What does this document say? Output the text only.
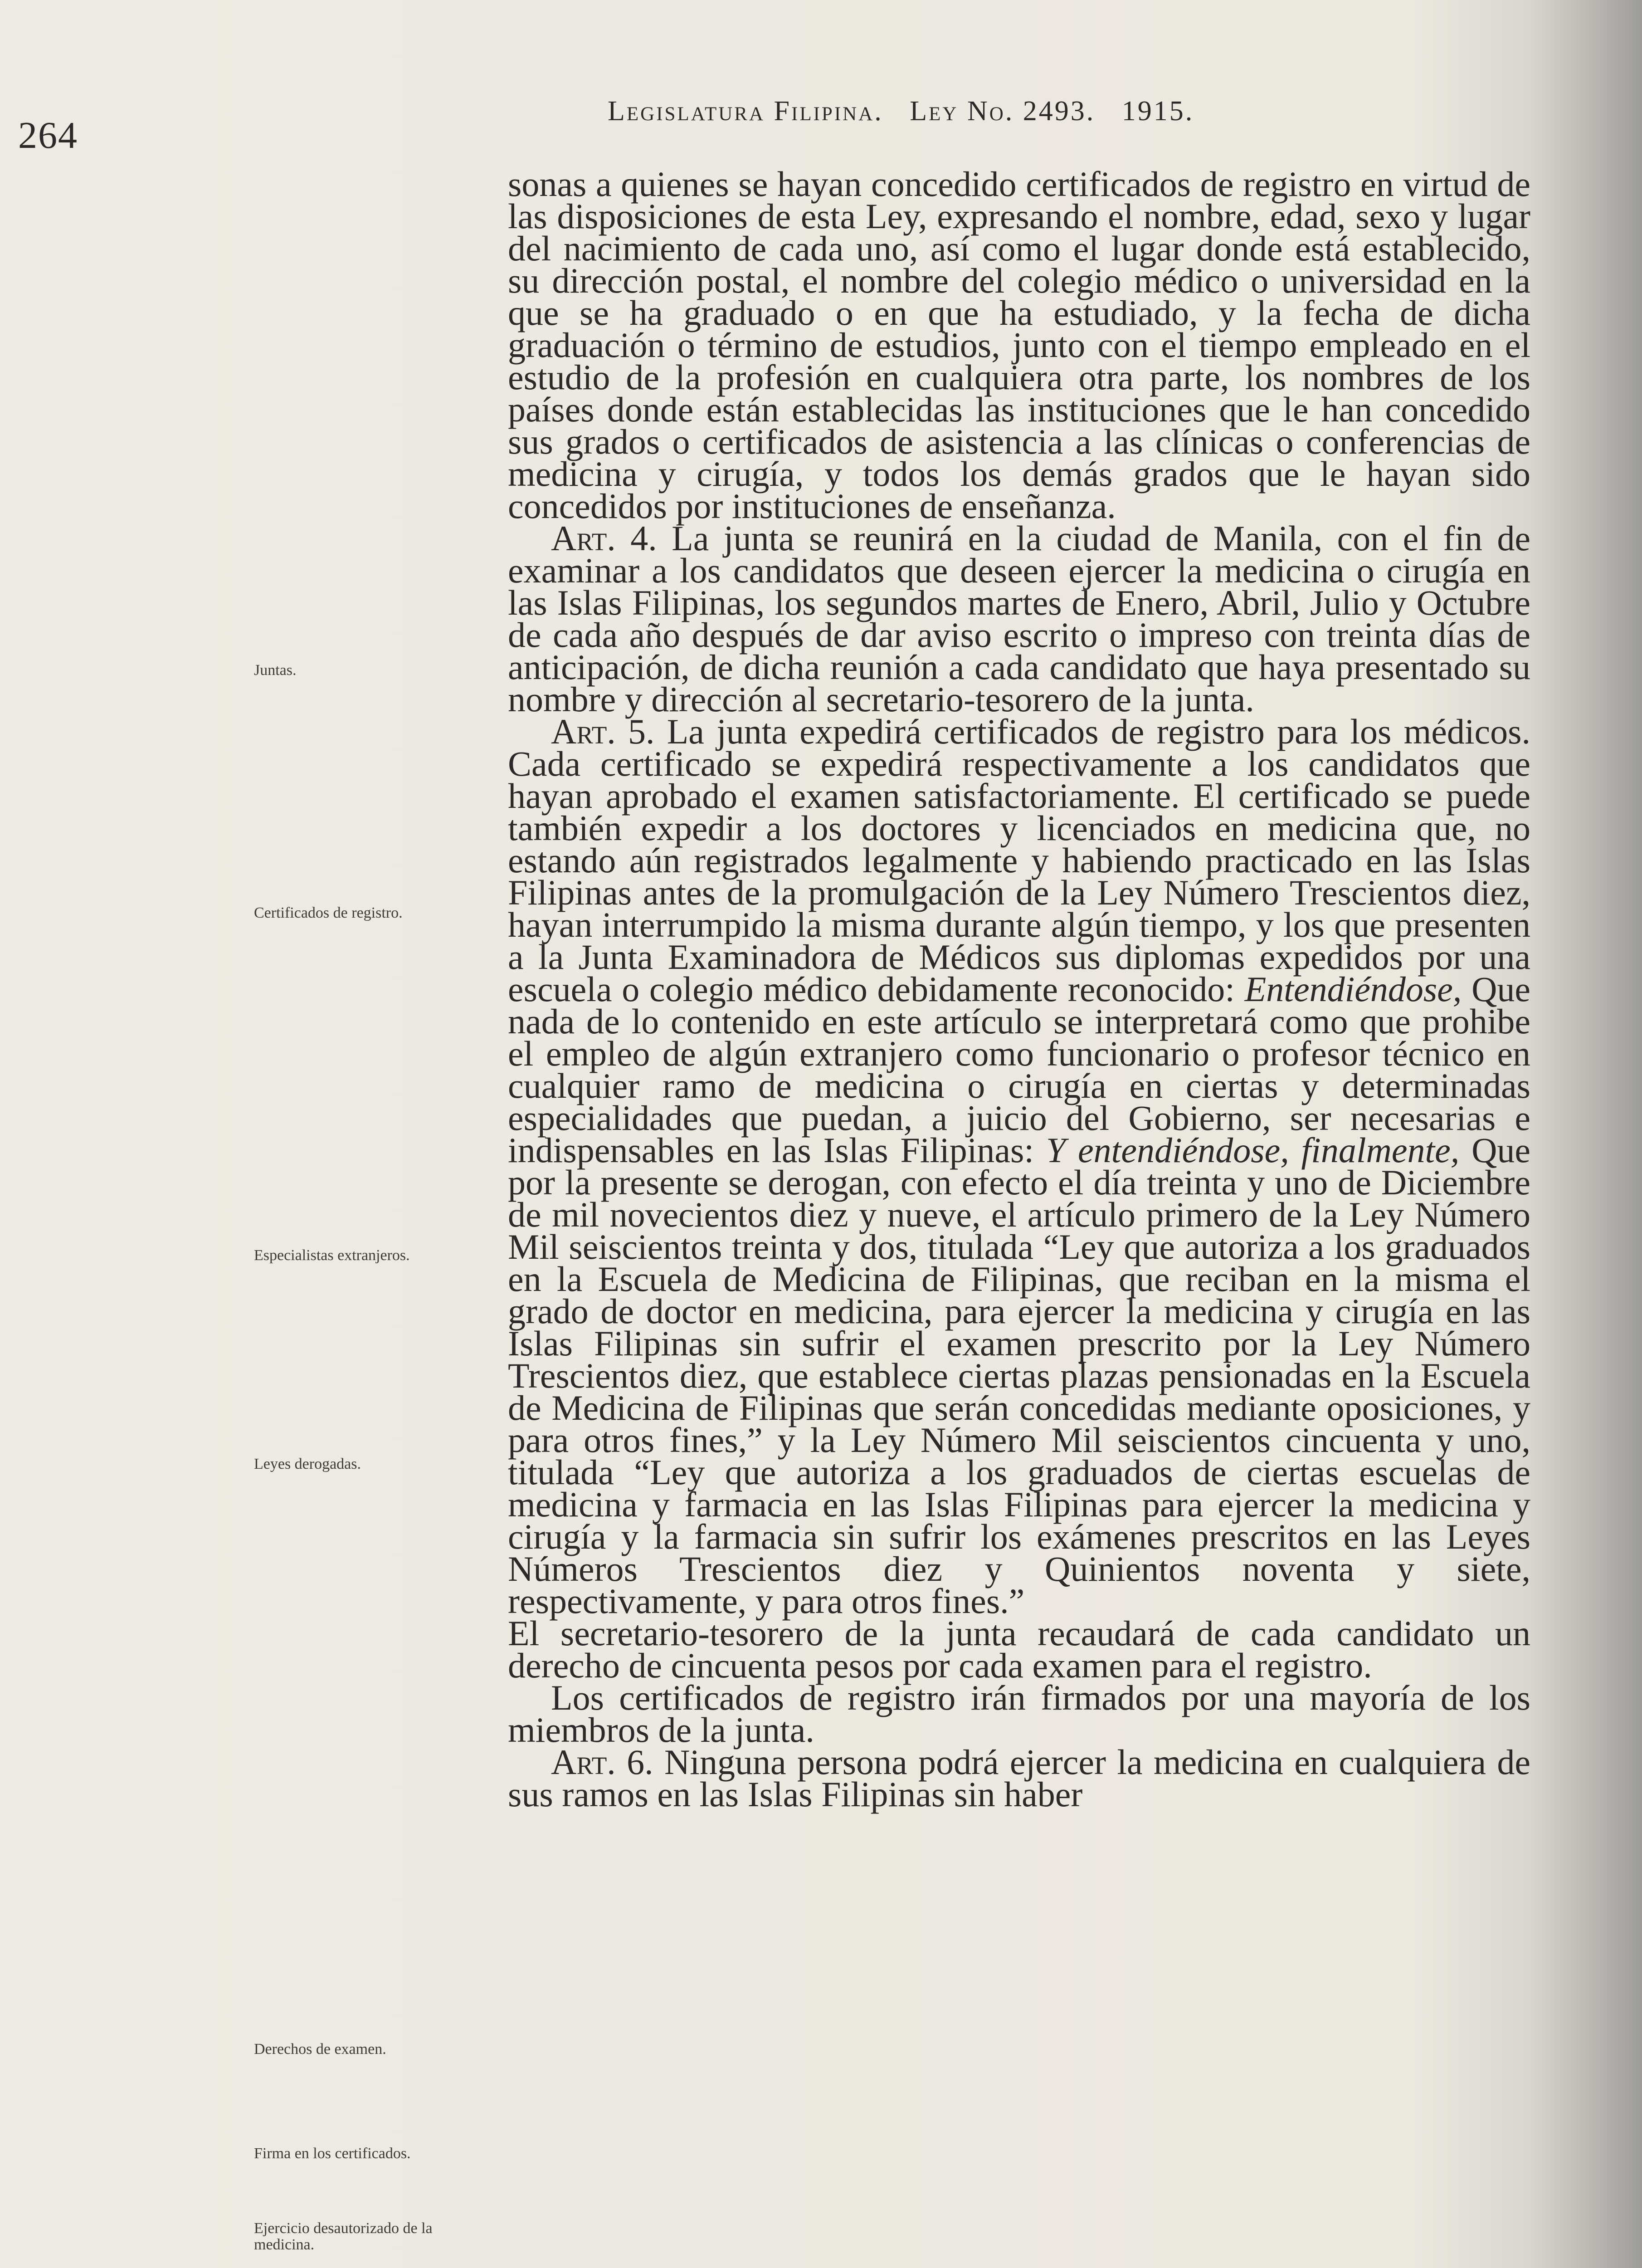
264
Legislatura Filipina. Ley No. 2493. 1915.
Juntas.
Certificados de registro.
Especialistas extranjeros.
Leyes derogadas.
Derechos de examen.
Firma en los certificados.
Ejercicio desautorizado de la medicina.

sonas a quienes se hayan concedido certificados de registro en virtud de las disposiciones de esta Ley, expresando el nombre, edad, sexo y lugar del nacimiento de cada uno, así como el lugar donde está establecido, su dirección postal, el nombre del colegio médico o universidad en la que se ha graduado o en que ha estudiado, y la fecha de dicha graduación o término de estudios, junto con el tiempo empleado en el estudio de la profesión en cualquiera otra parte, los nombres de los países donde están establecidas las instituciones que le han concedido sus grados o certificados de asistencia a las clínicas o conferencias de medicina y cirugía, y todos los demás grados que le hayan sido concedidos por instituciones de enseñanza.

Art. 4. La junta se reunirá en la ciudad de Manila, con el fin de examinar a los candidatos que deseen ejercer la medicina o cirugía en las Islas Filipinas, los segundos martes de Enero, Abril, Julio y Octubre de cada año después de dar aviso escrito o impreso con treinta días de anticipación, de dicha reunión a cada candidato que haya presentado su nombre y dirección al secretario-tesorero de la junta.

Art. 5. La junta expedirá certificados de registro para los médicos. Cada certificado se expedirá respectivamente a los candidatos que hayan aprobado el examen satisfactoriamente. El certificado se puede también expedir a los doctores y licenciados en medicina que, no estando aún registrados legalmente y habiendo practicado en las Islas Filipinas antes de la promulgación de la Ley Número Trescientos diez, hayan interrumpido la misma durante algún tiempo, y los que presenten a la Junta Examinadora de Médicos sus diplomas expedidos por una escuela o colegio médico debidamente reconocido: Entendiéndose, Que nada de lo contenido en este artículo se interpretará como que prohibe el empleo de algún extranjero como funcionario o profesor técnico en cualquier ramo de medicina o cirugía en ciertas y determinadas especialidades que puedan, a juicio del Gobierno, ser necesarias e indispensables en las Islas Filipinas: Y entendiéndose, finalmente, Que por la presente se derogan, con efecto el día treinta y uno de Diciembre de mil novecientos diez y nueve, el artículo primero de la Ley Número Mil seiscientos treinta y dos, titulada “Ley que autoriza a los graduados en la Escuela de Medicina de Filipinas, que reciban en la misma el grado de doctor en medicina, para ejercer la medicina y cirugía en las Islas Filipinas sin sufrir el examen prescrito por la Ley Número Trescientos diez, que establece ciertas plazas pensionadas en la Escuela de Medicina de Filipinas que serán concedidas mediante oposiciones, y para otros fines,” y la Ley Número Mil seiscientos cincuenta y uno, titulada “Ley que autoriza a los graduados de ciertas escuelas de medicina y farmacia en las Islas Filipinas para ejercer la medicina y cirugía y la farmacia sin sufrir los exámenes prescritos en las Leyes Números Trescientos diez y Quinientos noventa y siete, respectivamente, y para otros fines.”

El secretario-tesorero de la junta recaudará de cada candidato un derecho de cincuenta pesos por cada examen para el registro.

Los certificados de registro irán firmados por una mayoría de los miembros de la junta.

Art. 6. Ninguna persona podrá ejercer la medicina en cualquiera de sus ramos en las Islas Filipinas sin haber
